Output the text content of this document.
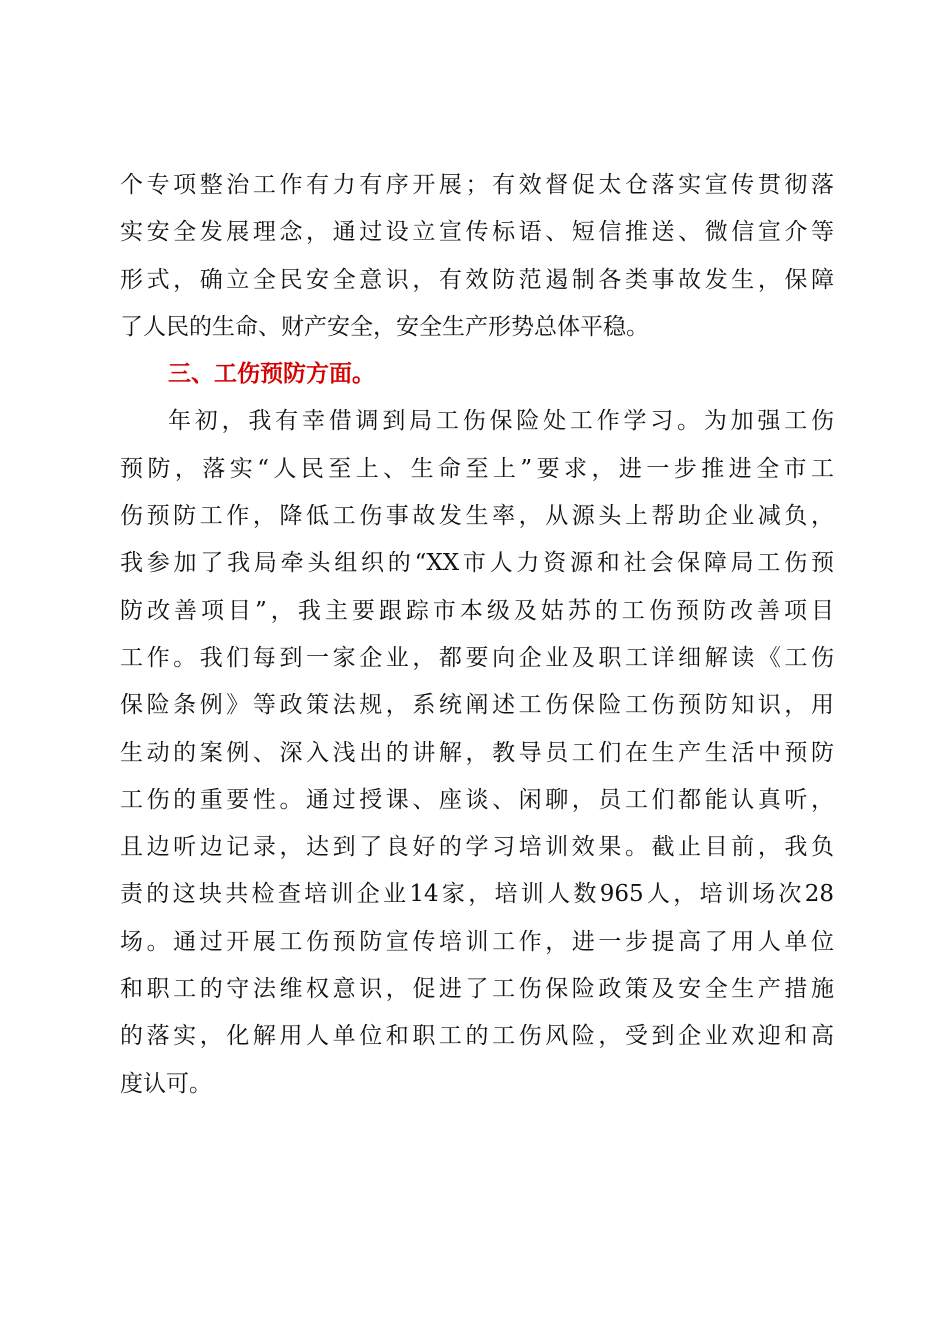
个专项整治工作有力有序开展；有效督促太仓落实宣传贯彻落
实安全发展理念，通过设立宣传标语、短信推送、微信宣介等
形式，确立全民安全意识，有效防范遏制各类事故发生，保障
了人民的生命、财产安全，安全生产形势总体平稳。
三、工伤预防方面。
年初，我有幸借调到局工伤保险处工作学习。为加强工伤
预防，落实“人民至上、生命至上”要求，进一步推进全市工
伤预防工作，降低工伤事故发生率，从源头上帮助企业减负，
我参加了我局牵头组织的“XX市人力资源和社会保障局工伤预
防改善项目”，我主要跟踪市本级及姑苏的工伤预防改善项目
工作。我们每到一家企业，都要向企业及职工详细解读《工伤
保险条例》等政策法规，系统阐述工伤保险工伤预防知识，用
生动的案例、深入浅出的讲解，教导员工们在生产生活中预防
工伤的重要性。通过授课、座谈、闲聊，员工们都能认真听，
且边听边记录，达到了良好的学习培训效果。截止目前，我负
责的这块共检查培训企业14家，培训人数965人，培训场次28
场。通过开展工伤预防宣传培训工作，进一步提高了用人单位
和职工的守法维权意识，促进了工伤保险政策及安全生产措施
的落实，化解用人单位和职工的工伤风险，受到企业欢迎和高
度认可。
